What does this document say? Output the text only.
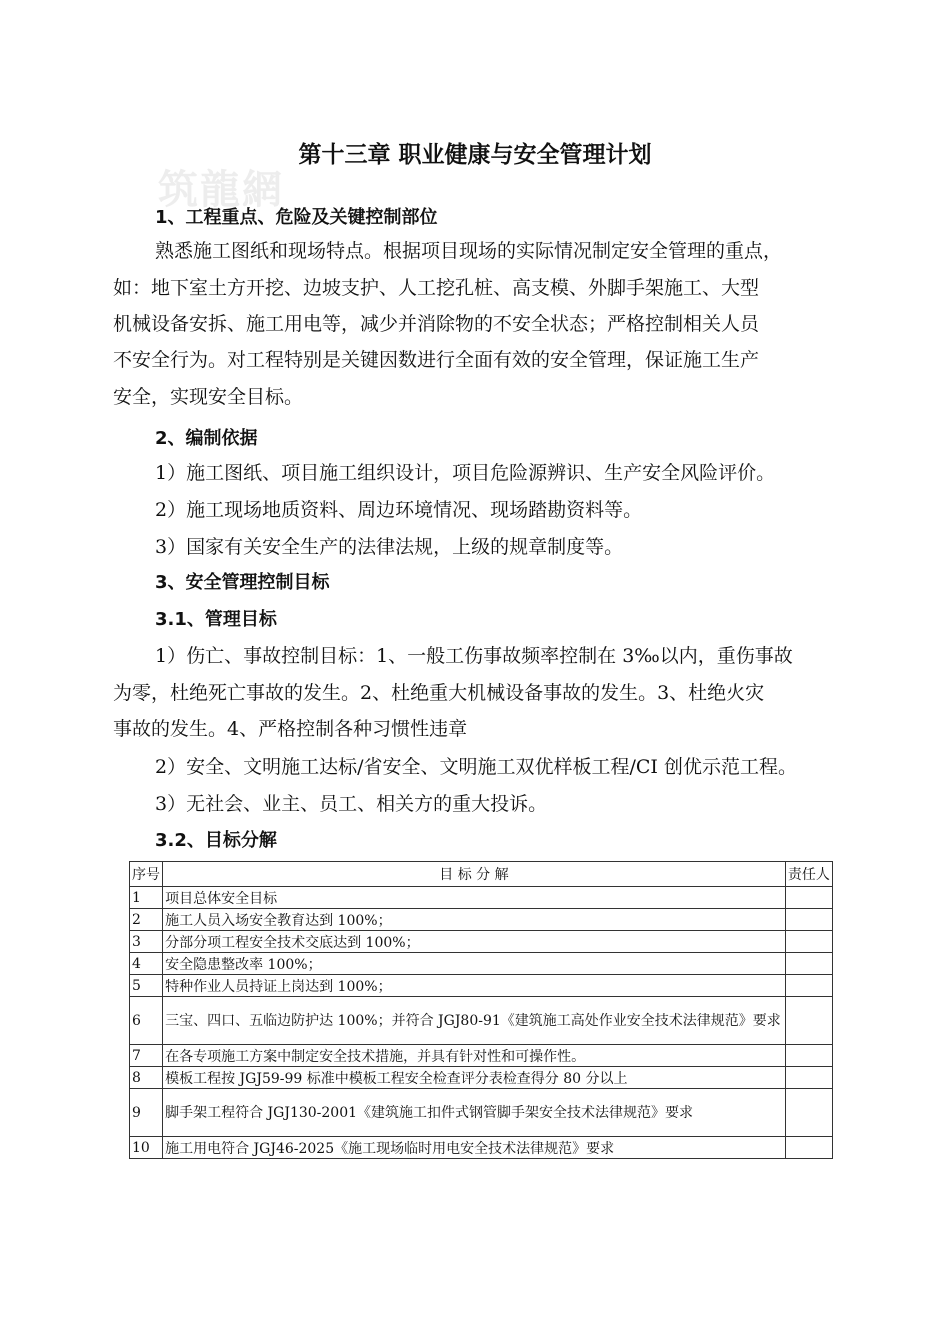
筑龍網
第十三章 职业健康与安全管理计划
1、工程重点、危险及关键控制部位
熟悉施工图纸和现场特点。根据项目现场的实际情况制定安全管理的重点，
如：地下室土方开挖、边坡支护、人工挖孔桩、高支模、外脚手架施工、大型
机械设备安拆、施工用电等，减少并消除物的不安全状态；严格控制相关人员
不安全行为。对工程特别是关键因数进行全面有效的安全管理，保证施工生产
安全，实现安全目标。
2、编制依据
1）施工图纸、项目施工组织设计，项目危险源辨识、生产安全风险评价。
2）施工现场地质资料、周边环境情况、现场踏勘资料等。
3）国家有关安全生产的法律法规，上级的规章制度等。
3、安全管理控制目标
3.1、管理目标
1）伤亡、事故控制目标：1、一般工伤事故频率控制在 3‰以内，重伤事故
为零，杜绝死亡事故的发生。2、杜绝重大机械设备事故的发生。3、杜绝火灾
事故的发生。4、严格控制各种习惯性违章
2）安全、文明施工达标/省安全、文明施工双优样板工程/CI 创优示范工程。
3）无社会、业主、员工、相关方的重大投诉。
3.2、目标分解
序号	目 标 分 解	责任人
1	项目总体安全目标	
2	施工人员入场安全教育达到 100%；	
3	分部分项工程安全技术交底达到 100%；	
4	安全隐患整改率 100%；	
5	特种作业人员持证上岗达到 100%；	
6	三宝、四口、五临边防护达 100%；并符合 JGJ80-91《建筑施工高处作业安全技术法律规范》要求	
7	在各专项施工方案中制定安全技术措施，并具有针对性和可操作性。	
8	模板工程按 JGJ59-99 标准中模板工程安全检查评分表检查得分 80 分以上	
9	脚手架工程符合 JGJ130-2001《建筑施工扣件式钢管脚手架安全技术法律规范》要求	
10	施工用电符合 JGJ46-2025《施工现场临时用电安全技术法律规范》要求	
